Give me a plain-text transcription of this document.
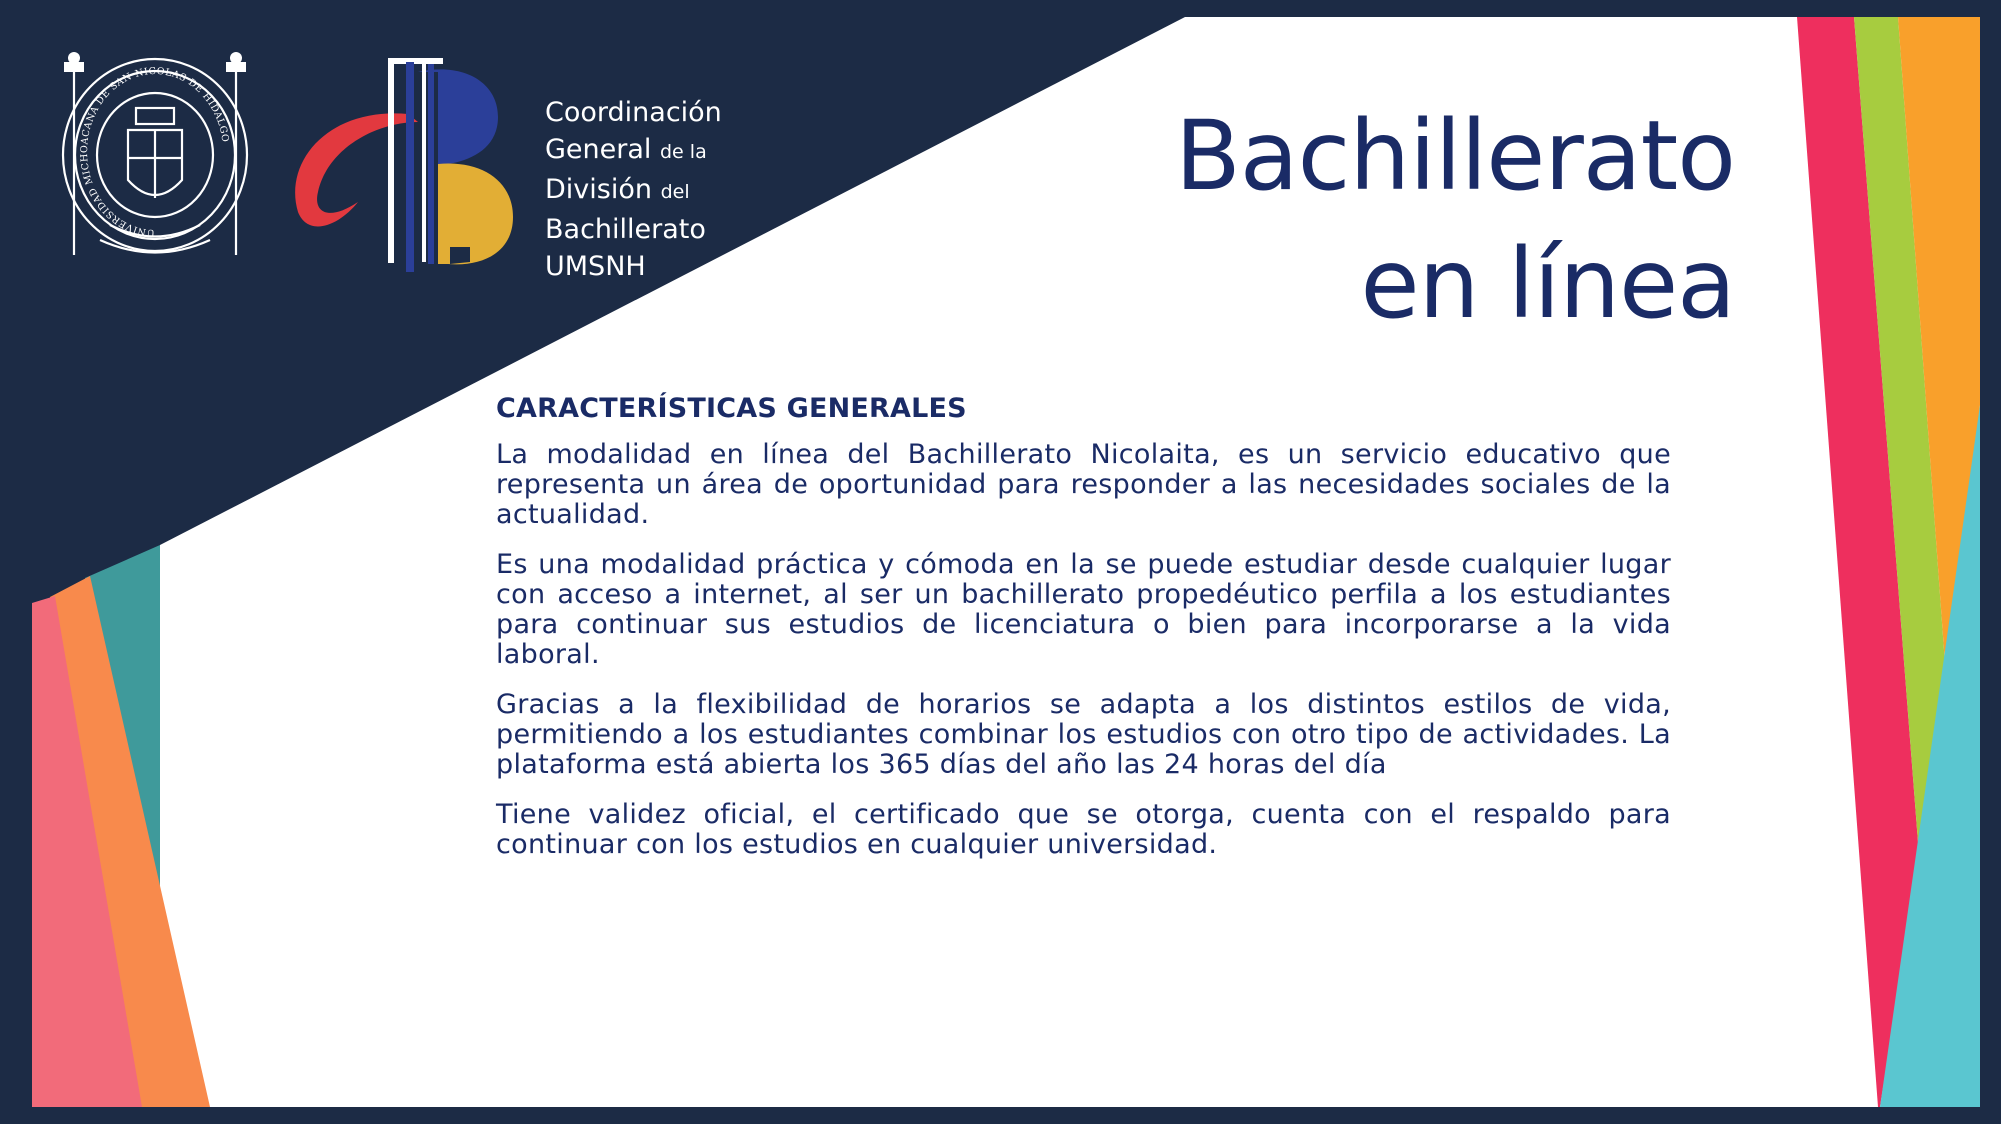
UNIVERSIDAD MICHOACANA DE SAN NICOLAS DE HIDALGO
Coordinación
General de la
División del
Bachillerato
UMSNH
Bachillerato
en línea
CARACTERÍSTICAS GENERALES

La modalidad en línea del Bachillerato Nicolaita, es un servicio educativo que representa un área de oportunidad para responder a las necesidades sociales de la actualidad.

Es una modalidad práctica y cómoda en la se puede estudiar desde cualquier lugar con acceso a internet, al ser un bachillerato propedéutico perfila a los estudiantes para continuar sus estudios de licenciatura o bien para incorporarse a la vida laboral.

Gracias a la flexibilidad de horarios se adapta a los distintos estilos de vida, permitiendo a los estudiantes combinar los estudios con otro tipo de actividades. La plataforma está abierta los 365 días del año las 24 horas del día

Tiene validez oficial, el certificado que se otorga, cuenta con el respaldo para continuar con los estudios en cualquier universidad.
